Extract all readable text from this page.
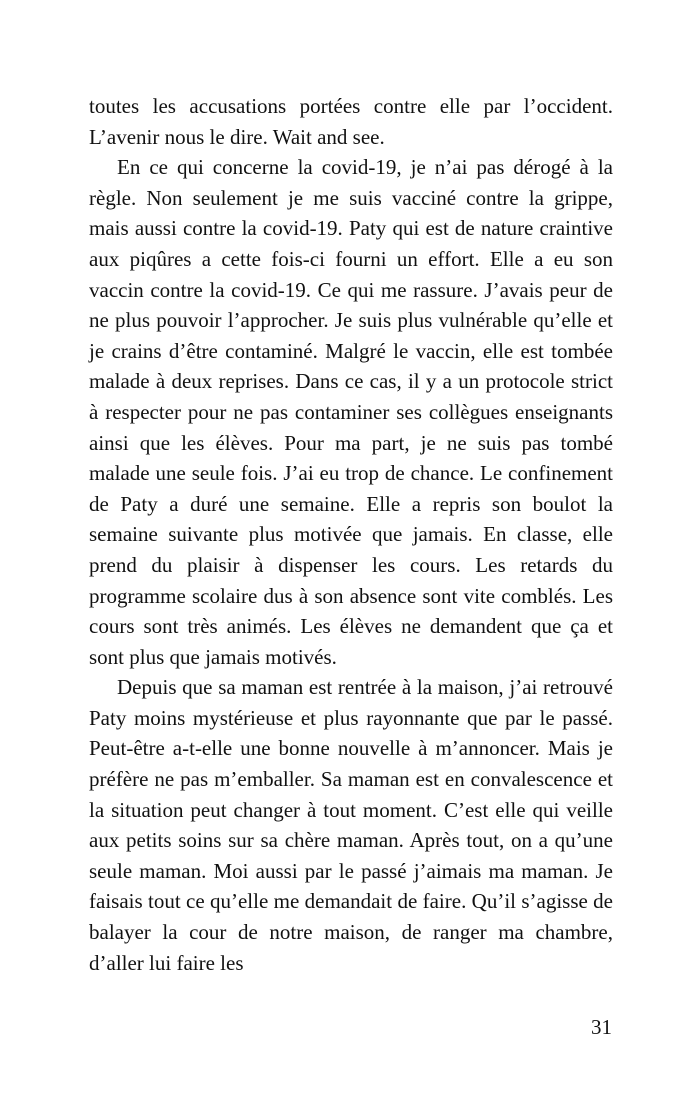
toutes les accusations portées contre elle par l’occident. L’avenir nous le dire. Wait and see.

En ce qui concerne la covid-19, je n’ai pas dérogé à la règle. Non seulement je me suis vacciné contre la grippe, mais aussi contre la covid-19. Paty qui est de nature craintive aux piqûres a cette fois-ci fourni un effort. Elle a eu son vaccin contre la covid-19. Ce qui me rassure. J’avais peur de ne plus pouvoir l’approcher. Je suis plus vulnérable qu’elle et je crains d’être contaminé. Malgré le vaccin, elle est tombée malade à deux reprises. Dans ce cas, il y a un protocole strict à respecter pour ne pas contaminer ses collègues enseignants ainsi que les élèves. Pour ma part, je ne suis pas tombé malade une seule fois. J’ai eu trop de chance. Le confinement de Paty a duré une semaine. Elle a repris son boulot la semaine suivante plus motivée que jamais. En classe, elle prend du plaisir à dispenser les cours. Les retards du programme scolaire dus à son absence sont vite comblés. Les cours sont très animés. Les élèves ne demandent que ça et sont plus que jamais motivés.

Depuis que sa maman est rentrée à la maison, j’ai retrouvé Paty moins mystérieuse et plus rayonnante que par le passé. Peut-être a-t-elle une bonne nouvelle à m’annoncer. Mais je préfère ne pas m’emballer. Sa maman est en convalescence et la situation peut changer à tout moment. C’est elle qui veille aux petits soins sur sa chère maman. Après tout, on a qu’une seule maman. Moi aussi par le passé j’aimais ma maman. Je faisais tout ce qu’elle me demandait de faire. Qu’il s’agisse de balayer la cour de notre maison, de ranger ma chambre, d’aller lui faire les

31
